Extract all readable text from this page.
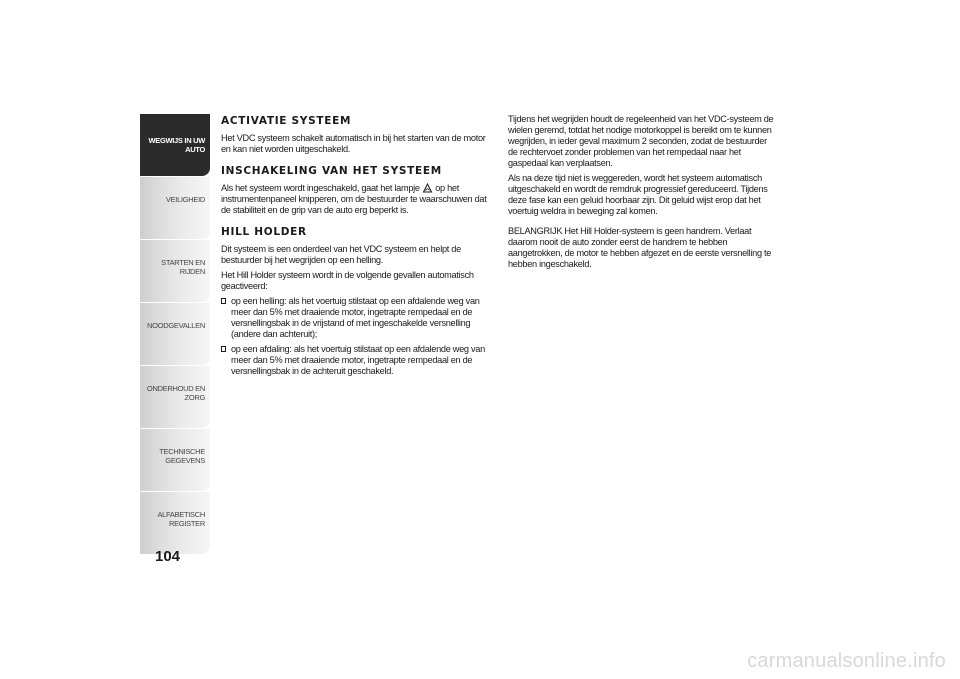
WEGWIJS IN UW AUTO
VEILIGHEID
STARTEN EN RIJDEN
NOODGEVALLEN
ONDERHOUD EN ZORG
TECHNISCHE GEGEVENS
ALFABETISCH REGISTER
104
ACTIVATIE SYSTEEM

Het VDC systeem schakelt automatisch in bij het starten van de motor en kan niet worden uitgeschakeld.

INSCHAKELING VAN HET SYSTEEM

Als het systeem wordt ingeschakeld, gaat het lampje op het instrumentenpaneel knipperen, om de bestuurder te waarschuwen dat de stabiliteit en de grip van de auto erg beperkt is.

HILL HOLDER

Dit systeem is een onderdeel van het VDC systeem en helpt de bestuurder bij het wegrijden op een helling.

Het Hill Holder systeem wordt in de volgende gevallen automatisch geactiveerd:

op een helling: als het voertuig stilstaat op een afdalende weg van meer dan 5% met draaiende motor, ingetrapte rempedaal en de versnellingsbak in de vrijstand of met ingeschakelde versnelling (andere dan achteruit);
op een afdaling: als het voertuig stilstaat op een afdalende weg van meer dan 5% met draaiende motor, ingetrapte rempedaal en de versnellingsbak in de achteruit geschakeld.

Tijdens het wegrijden houdt de regeleenheid van het VDC-systeem de wielen geremd, totdat het nodige motorkoppel is bereikt om te kunnen wegrijden, in ieder geval maximum 2 seconden, zodat de bestuurder de rechtervoet zonder problemen van het rempedaal naar het gaspedaal kan verplaatsen.

Als na deze tijd niet is weggereden, wordt het systeem automatisch uitgeschakeld en wordt de remdruk progressief gereduceerd. Tijdens deze fase kan een geluid hoorbaar zijn. Dit geluid wijst erop dat het voertuig weldra in beweging zal komen.

BELANGRIJK Het Hill Holder-systeem is geen handrem. Verlaat daarom nooit de auto zonder eerst de handrem te hebben aangetrokken, de motor te hebben afgezet en de eerste versnelling te hebben ingeschakeld.

carmanualsonline.info
